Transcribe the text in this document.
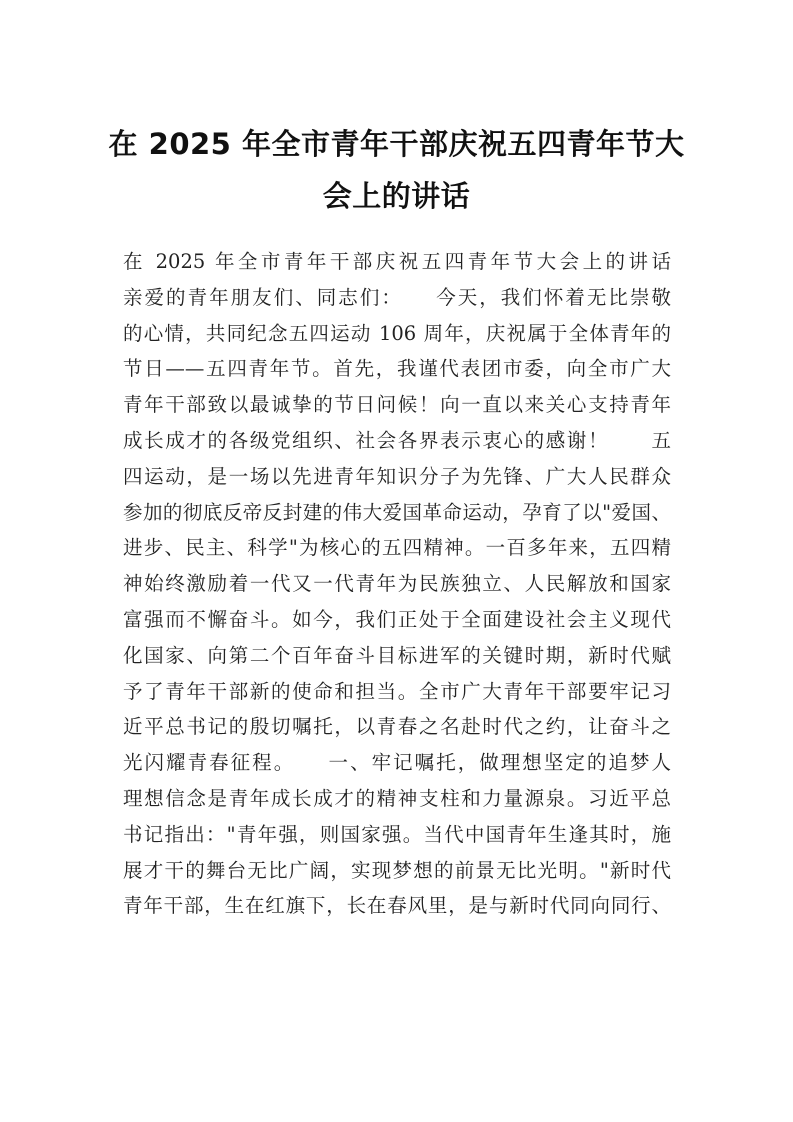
在 2025 年全市青年干部庆祝五四青年节大
会上的讲话
在 2025 年全市青年干部庆祝五四青年节大会上的讲话
亲爱的青年朋友们、同志们：　　今天，我们怀着无比崇敬
的心情，共同纪念五四运动 106 周年，庆祝属于全体青年的
节日——五四青年节。首先，我谨代表团市委，向全市广大
青年干部致以最诚挚的节日问候！向一直以来关心支持青年
成长成才的各级党组织、社会各界表示衷心的感谢！　　五
四运动，是一场以先进青年知识分子为先锋、广大人民群众
参加的彻底反帝反封建的伟大爱国革命运动，孕育了以"爱国、
进步、民主、科学"为核心的五四精神。一百多年来，五四精
神始终激励着一代又一代青年为民族独立、人民解放和国家
富强而不懈奋斗。如今，我们正处于全面建设社会主义现代
化国家、向第二个百年奋斗目标进军的关键时期，新时代赋
予了青年干部新的使命和担当。全市广大青年干部要牢记习
近平总书记的殷切嘱托，以青春之名赴时代之约，让奋斗之
光闪耀青春征程。　　一、牢记嘱托，做理想坚定的追梦人
理想信念是青年成长成才的精神支柱和力量源泉。习近平总
书记指出："青年强，则国家强。当代中国青年生逢其时，施
展才干的舞台无比广阔，实现梦想的前景无比光明。"新时代
青年干部，生在红旗下，长在春风里，是与新时代同向同行、
